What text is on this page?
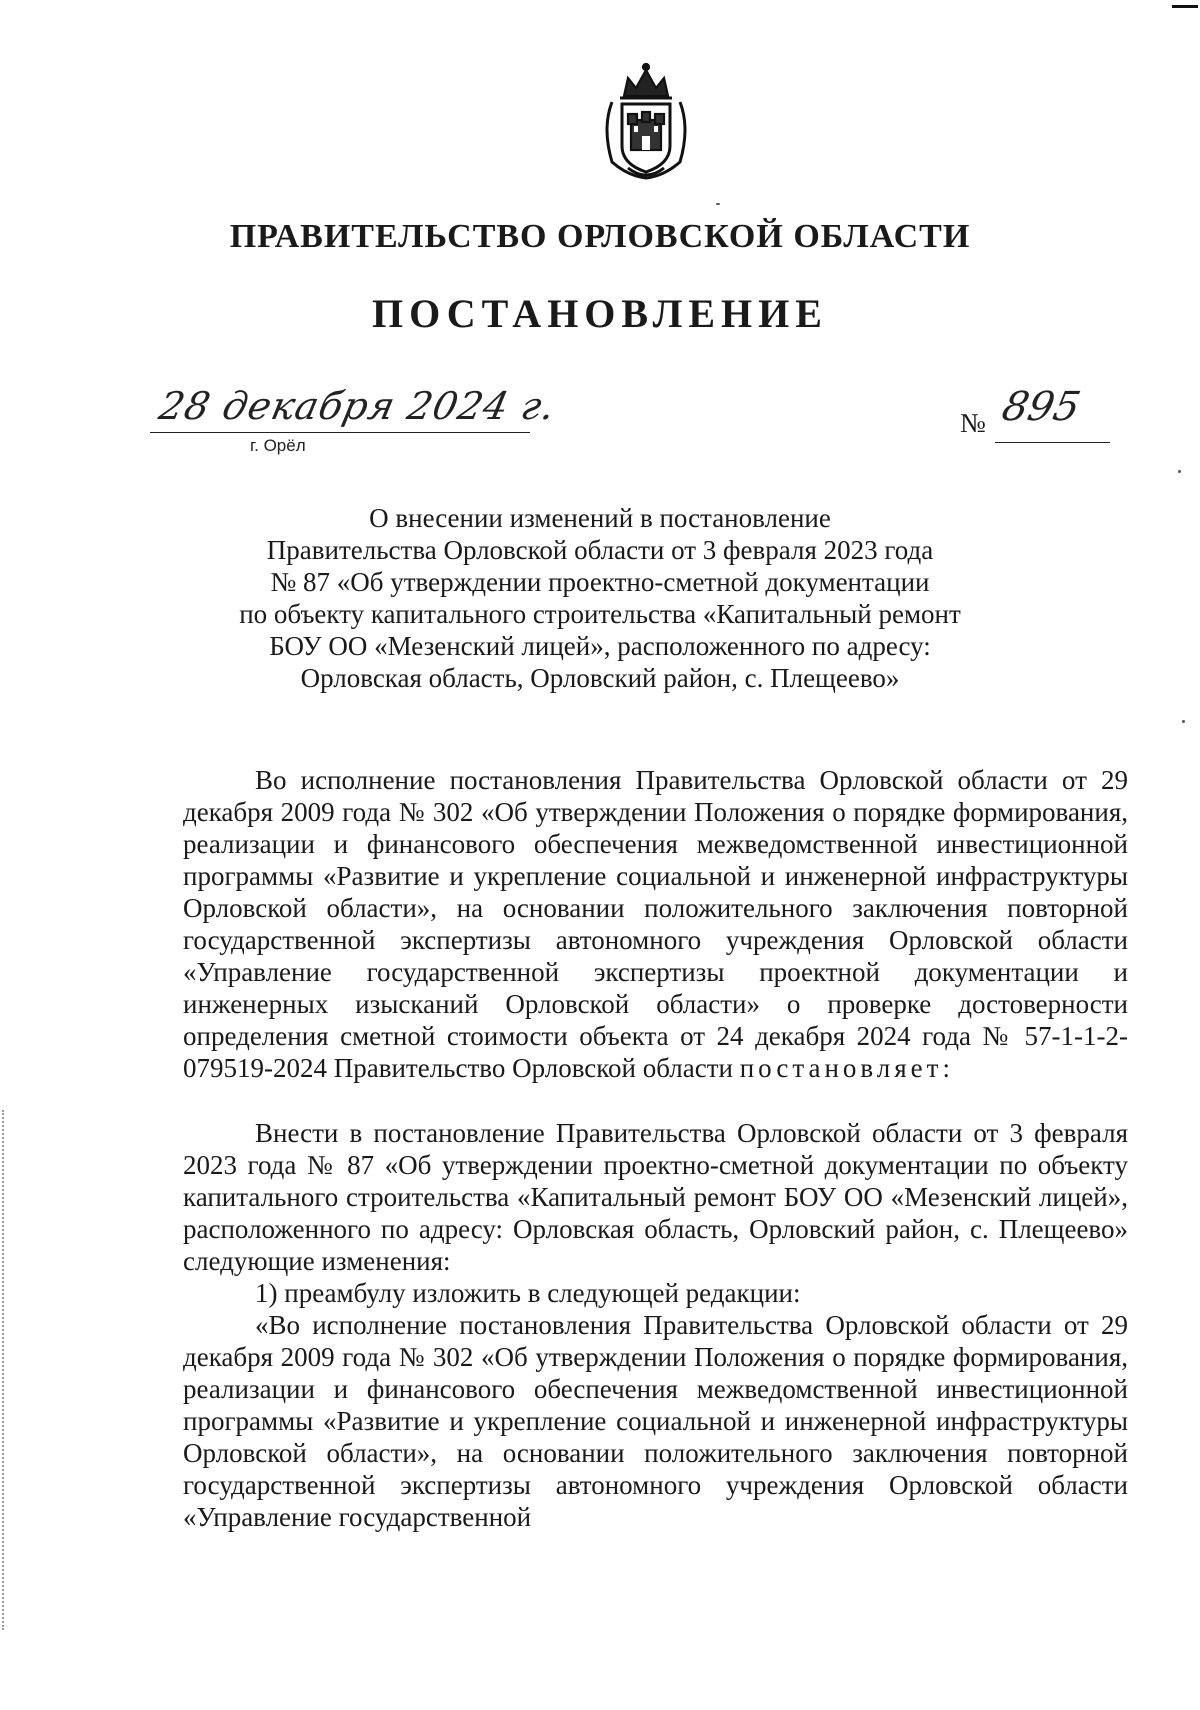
ПРАВИТЕЛЬСТВО ОРЛОВСКОЙ ОБЛАСТИ
ПОСТАНОВЛЕНИЕ
28 декабря 2024 г.
г. Орёл
№ 895
О внесении изменений в постановление
Правительства Орловской области от 3 февраля 2023 года
№ 87 «Об утверждении проектно-сметной документации
по объекту капитального строительства «Капитальный ремонт
БОУ ОО «Мезенский лицей», расположенного по адресу:
Орловская область, Орловский район, с. Плещеево»

Во исполнение постановления Правительства Орловской области от 29 декабря 2009 года № 302 «Об утверждении Положения о порядке формирования, реализации и финансового обеспечения межведомственной инвестиционной программы «Развитие и укрепление социальной и инженерной инфраструктуры Орловской области», на основании положительного заключения повторной государственной экспертизы автономного учреждения Орловской области «Управление государственной экспертизы проектной документации и инженерных изысканий Орловской области» о проверке достоверности определения сметной стоимости объекта от 24 декабря 2024 года № 57-1-1-2-079519-2024 Правительство Орловской области постановляет:

Внести в постановление Правительства Орловской области от 3 февраля 2023 года № 87 «Об утверждении проектно-сметной документации по объекту капитального строительства «Капитальный ремонт БОУ ОО «Мезенский лицей», расположенного по адресу: Орловская область, Орловский район, с. Плещеево» следующие изменения:

1) преамбулу изложить в следующей редакции:

«Во исполнение постановления Правительства Орловской области от 29 декабря 2009 года № 302 «Об утверждении Положения о порядке формирования, реализации и финансового обеспечения межведомственной инвестиционной программы «Развитие и укрепление социальной и инженерной инфраструктуры Орловской области», на основании положительного заключения повторной государственной экспертизы автономного учреждения Орловской области «Управление государственной
